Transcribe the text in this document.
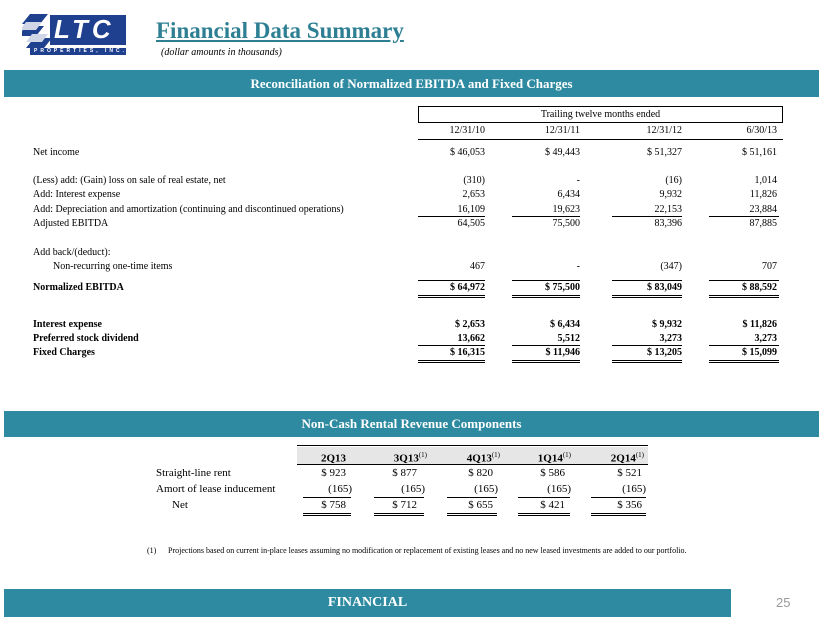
LTC
PROPERTIES, INC.
Financial Data Summary
(dollar amounts in thousands)
Reconciliation of Normalized EBITDA and Fixed Charges
Trailing twelve months ended
12/31/10	12/31/11	12/31/12	6/30/13
Net income	$ 46,053	$ 49,443	$ 51,327	$ 51,161
(Less) add: (Gain) loss on sale of real estate, net	(310)	-	(16)	1,014
Add: Interest expense	2,653	6,434	9,932	11,826
Add: Depreciation and amortization (continuing and discontinued operations)	16,109	19,623	22,153	23,884
Adjusted EBITDA	64,505	75,500	83,396	87,885
Add back/(deduct):
Non-recurring one-time items	467	-	(347)	707
Normalized EBITDA	$ 64,972	$ 75,500	$ 83,049	$ 88,592
Interest expense	$ 2,653	$ 6,434	$ 9,932	$ 11,826
Preferred stock dividend	13,662	5,512	3,273	3,273
Fixed Charges	$ 16,315	$ 11,946	$ 13,205	$ 15,099
Non-Cash Rental Revenue Components
2Q13	3Q13$^{(1)}$	4Q13$^{(1)}$	1Q14$^{(1)}$	2Q14$^{(1)}$
Straight-line rent	$ 923	$ 877	$ 820	$ 586	$ 521
Amort of lease inducement	(165)	(165)	(165)	(165)	(165)
Net	$ 758	$ 712	$ 655	$ 421	$ 356
(1) Projections based on current in-place leases assuming no modification or replacement of existing leases and no new leased investments are added to our portfolio.
FINANCIAL	25
